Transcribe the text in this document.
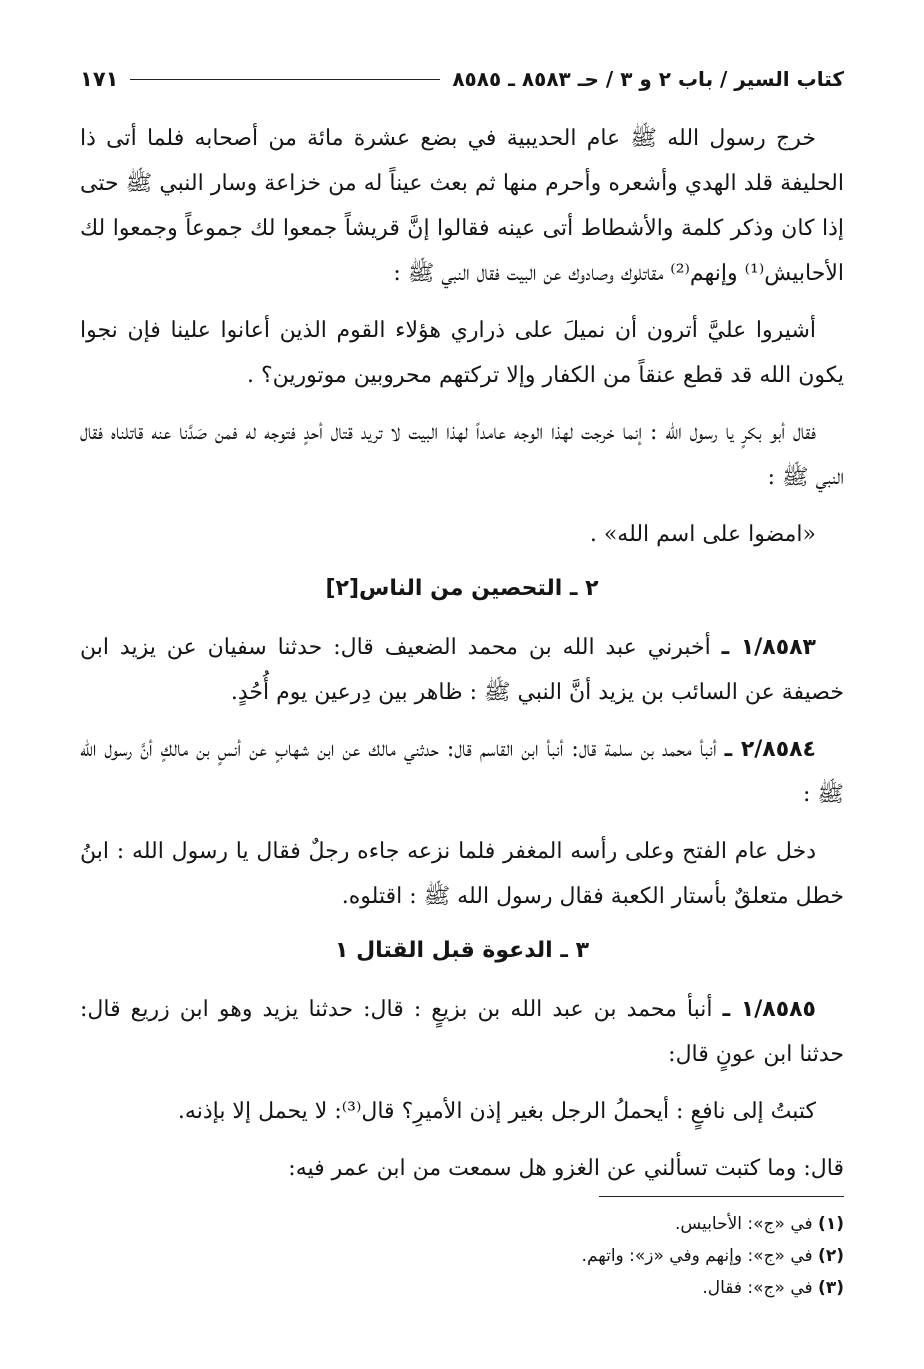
كتاب السير / باب ٢ و ٣ / حـ ٨٥٨٣ ـ ٨٥٨٥
١٧١

خرج رسول الله ﷺ عام الحديبية في بضع عشرة مائة من أصحابه فلما أتى ذا الحليفة قلد الهدي وأشعره وأحرم منها ثم بعث عيناً له من خزاعة وسار النبي ﷺ حتى إذا كان وذكر كلمة والأشطاط أتى عينه فقالوا إنَّ قريشاً جمعوا لك جموعاً وجمعوا لك الأحابيش⁽¹⁾ وإنهم⁽²⁾ مقاتلوك وصادوك عن البيت فقال النبي ﷺ :

أشيروا عليَّ أترون أن نميلَ على ذراري هؤلاء القوم الذين أعانوا علينا فإن نجوا يكون الله قد قطع عنقاً من الكفار وإلا تركتهم محروبين موتورين؟ .

فقال أبو بكرٍ يا رسول الله : إنما خرجت لهذا الوجه عامداً لهذا البيت لا تريد قتال أحدٍ فتوجه له فمن صَدَّنا عنه قاتلناه فقال النبي ﷺ :

«امضوا على اسم الله» .

٢ ـ التحصين من الناس[٢]

١/٨٥٨٣ ـ أخبرني عبد الله بن محمد الضعيف قال: حدثنا سفيان عن يزيد ابن خصيفة عن السائب بن يزيد أنَّ النبي ﷺ : ظاهر بين دِرعين يوم أُحُدٍ.

٢/٨٥٨٤ ـ أنبأ محمد بن سلمة قال: أنبأ ابن القاسم قال: حدثني مالك عن ابن شهابٍ عن أنسٍ بن مالكٍ أنَّ رسول الله ﷺ :

دخل عام الفتح وعلى رأسه المغفر فلما نزعه جاءه رجلٌ فقال يا رسول الله : ابنُ خطل متعلقٌ بأستار الكعبة فقال رسول الله ﷺ : اقتلوه.

٣ ـ الدعوة قبل القتال ١

١/٨٥٨٥ ـ أنبأ محمد بن عبد الله بن بزيعٍ : قال: حدثنا يزيد وهو ابن زريع قال: حدثنا ابن عونٍ قال:

كتبتُ إلى نافعٍ : أيحملُ الرجل بغير إذن الأميرِ؟ قال⁽³⁾: لا يحمل إلا بإذنه.

قال: وما كتبت تسألني عن الغزو هل سمعت من ابن عمر فيه:

(١) في «ج»: الأحابيس.

(٢) في «ج»: وإنهم وفي «ز»: واتهم.

(٣) في «ج»: فقال.
